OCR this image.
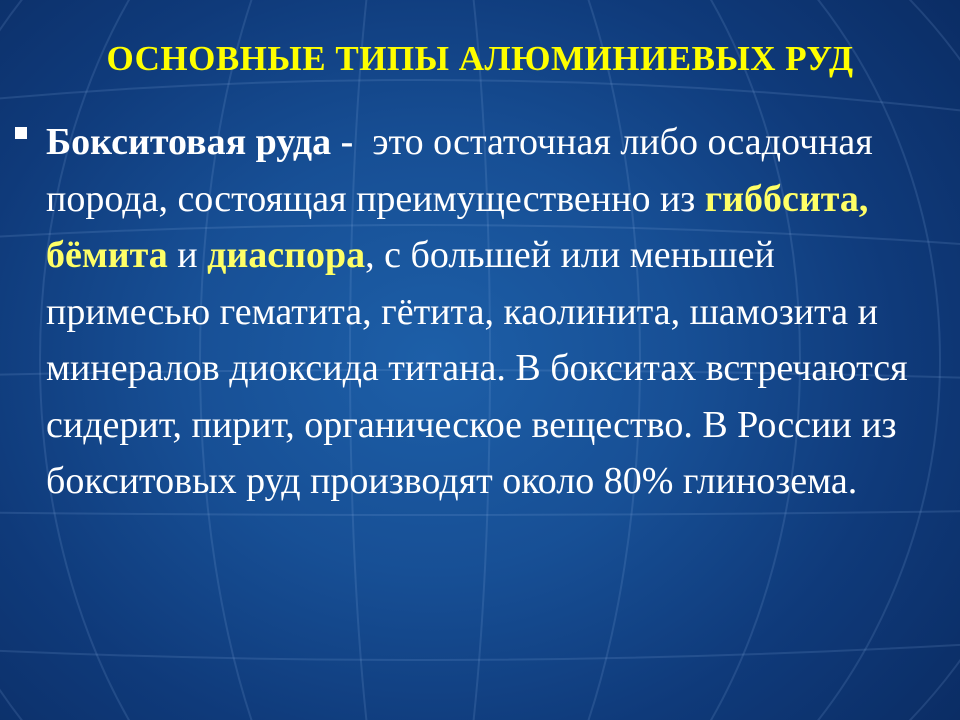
ОСНОВНЫЕ ТИПЫ АЛЮМИНИЕВЫХ РУД
Бокситовая руда - это остаточная либо осадочная порода, состоящая преимущественно из гиббсита, бёмита и диаспора, с большей или меньшей примесью гематита, гётита, каолинита, шамозита и минералов диоксида титана. В бокситах встречаются сидерит, пирит, органическое вещество. В России из бокситовых руд производят около 80% глинозема.
